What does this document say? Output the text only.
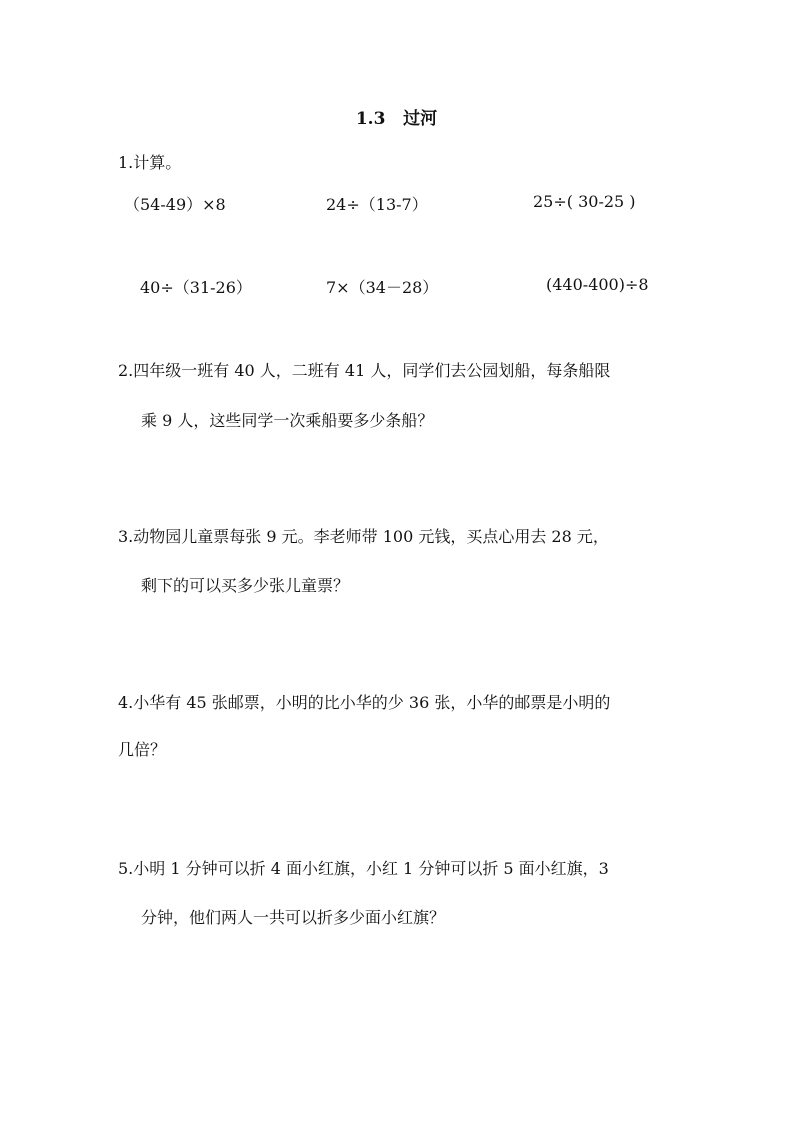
1.3   过河
1.计算。
（54-49）×8	24÷（13-7）	25÷( 30-25 )
40÷（31-26）	7×（34－28）	(440-400)÷8
2.四年级一班有 40 人，二班有 41 人，同学们去公园划船，每条船限
乘 9 人，这些同学一次乘船要多少条船？
3.动物园儿童票每张 9 元。李老师带 100 元钱，买点心用去 28 元，
剩下的可以买多少张儿童票？
4.小华有 45 张邮票，小明的比小华的少 36 张，小华的邮票是小明的
几倍？
5.小明 1 分钟可以折 4 面小红旗，小红 1 分钟可以折 5 面小红旗，3
分钟，他们两人一共可以折多少面小红旗？
